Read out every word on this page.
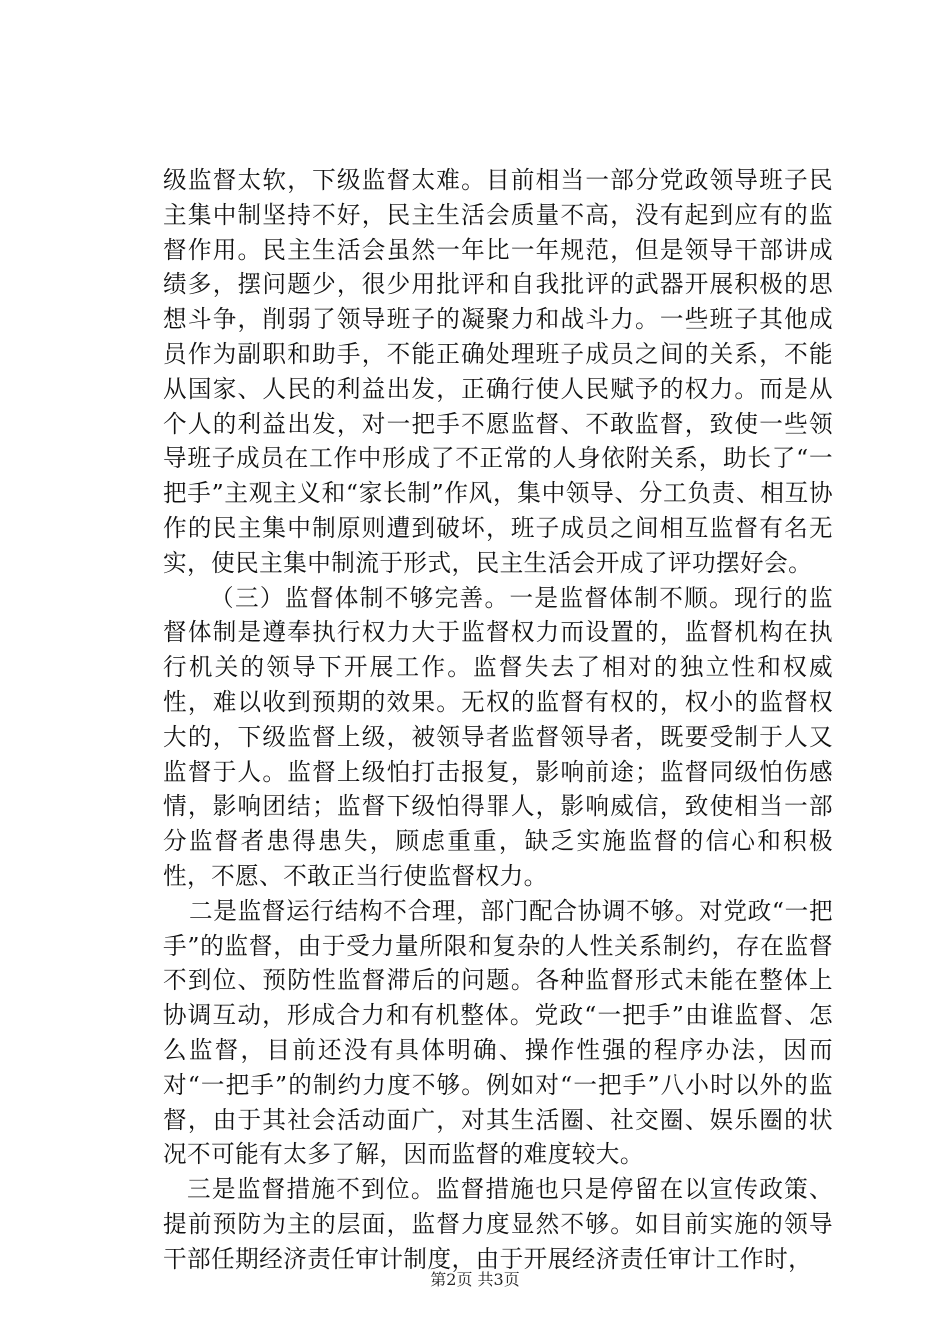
级监督太软，下级监督太难。目前相当一部分党政领导班子民主集中制坚持不好，民主生活会质量不高，没有起到应有的监督作用。民主生活会虽然一年比一年规范，但是领导干部讲成绩多，摆问题少，很少用批评和自我批评的武器开展积极的思想斗争，削弱了领导班子的凝聚力和战斗力。一些班子其他成员作为副职和助手，不能正确处理班子成员之间的关系，不能从国家、人民的利益出发，正确行使人民赋予的权力。而是从个人的利益出发，对一把手不愿监督、不敢监督，致使一些领导班子成员在工作中形成了不正常的人身依附关系，助长了“一把手”主观主义和“家长制”作风，集中领导、分工负责、相互协作的民主集中制原则遭到破坏，班子成员之间相互监督有名无实，使民主集中制流于形式，民主生活会开成了评功摆好会。

（三）监督体制不够完善。一是监督体制不顺。现行的监督体制是遵奉执行权力大于监督权力而设置的，监督机构在执行机关的领导下开展工作。监督失去了相对的独立性和权威性，难以收到预期的效果。无权的监督有权的，权小的监督权大的，下级监督上级，被领导者监督领导者，既要受制于人又监督于人。监督上级怕打击报复，影响前途；监督同级怕伤感情，影响团结；监督下级怕得罪人，影响威信，致使相当一部分监督者患得患失，顾虑重重，缺乏实施监督的信心和积极性，不愿、不敢正当行使监督权力。

二是监督运行结构不合理，部门配合协调不够。对党政“一把手”的监督，由于受力量所限和复杂的人性关系制约，存在监督不到位、预防性监督滞后的问题。各种监督形式未能在整体上协调互动，形成合力和有机整体。党政“一把手”由谁监督、怎么监督，目前还没有具体明确、操作性强的程序办法，因而对“一把手”的制约力度不够。例如对“一把手”八小时以外的监督，由于其社会活动面广，对其生活圈、社交圈、娱乐圈的状况不可能有太多了解，因而监督的难度较大。

三是监督措施不到位。监督措施也只是停留在以宣传政策、提前预防为主的层面，监督力度显然不够。如目前实施的领导干部任期经济责任审计制度，由于开展经济责任审计工作时，

第2页 共3页
